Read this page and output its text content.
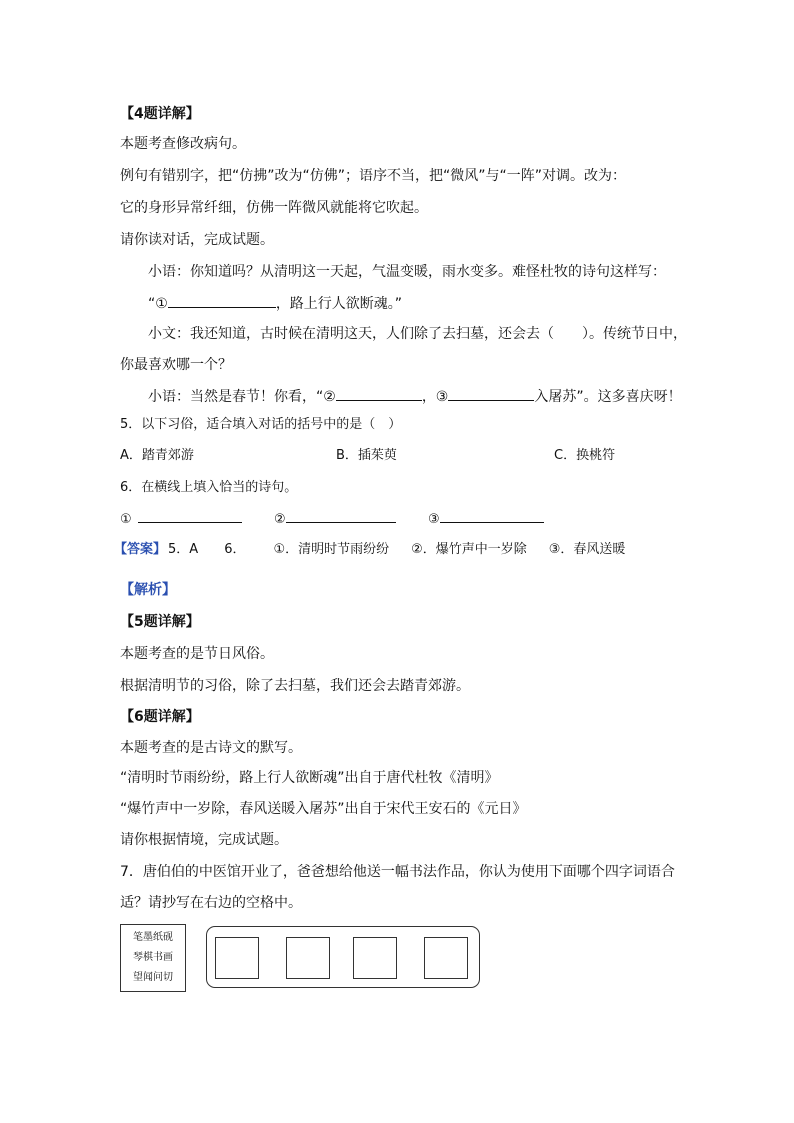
【4题详解】
本题考查修改病句。
例句有错别字，把“仿拂”改为“仿佛”；语序不当，把“微风”与“一阵”对调。改为：
它的身形异常纤细，仿佛一阵微风就能将它吹起。
请你读对话，完成试题。
小语：你知道吗？从清明这一天起，气温变暖，雨水变多。难怪杜牧的诗句这样写：
“①	，路上行人欲断魂。”
小文：我还知道，古时候在清明这天，人们除了去扫墓，还会去（　　）。传统节日中，
你最喜欢哪一个？
小语：当然是春节！你看，“②	，③	入屠苏”。这多喜庆呀！
5．以下习俗，适合填入对话的括号中的是（　）
A．踏青郊游	B．插茱萸	C．换桃符
6．在横线上填入恰当的诗句。
①	②	③
【答案】 5．A 6． ①．清明时节雨纷纷 ②．爆竹声中一岁除 ③．春风送暖
【解析】
【5题详解】
本题考查的是节日风俗。
根据清明节的习俗，除了去扫墓，我们还会去踏青郊游。
【6题详解】
本题考查的是古诗文的默写。
“清明时节雨纷纷，路上行人欲断魂”出自于唐代杜牧《清明》
“爆竹声中一岁除，春风送暖入屠苏”出自于宋代王安石的《元日》
请你根据情境，完成试题。
7．唐伯伯的中医馆开业了，爸爸想给他送一幅书法作品，你认为使用下面哪个四字词语合
适？请抄写在右边的空格中。
笔墨纸砚
琴棋书画
望闻问切
